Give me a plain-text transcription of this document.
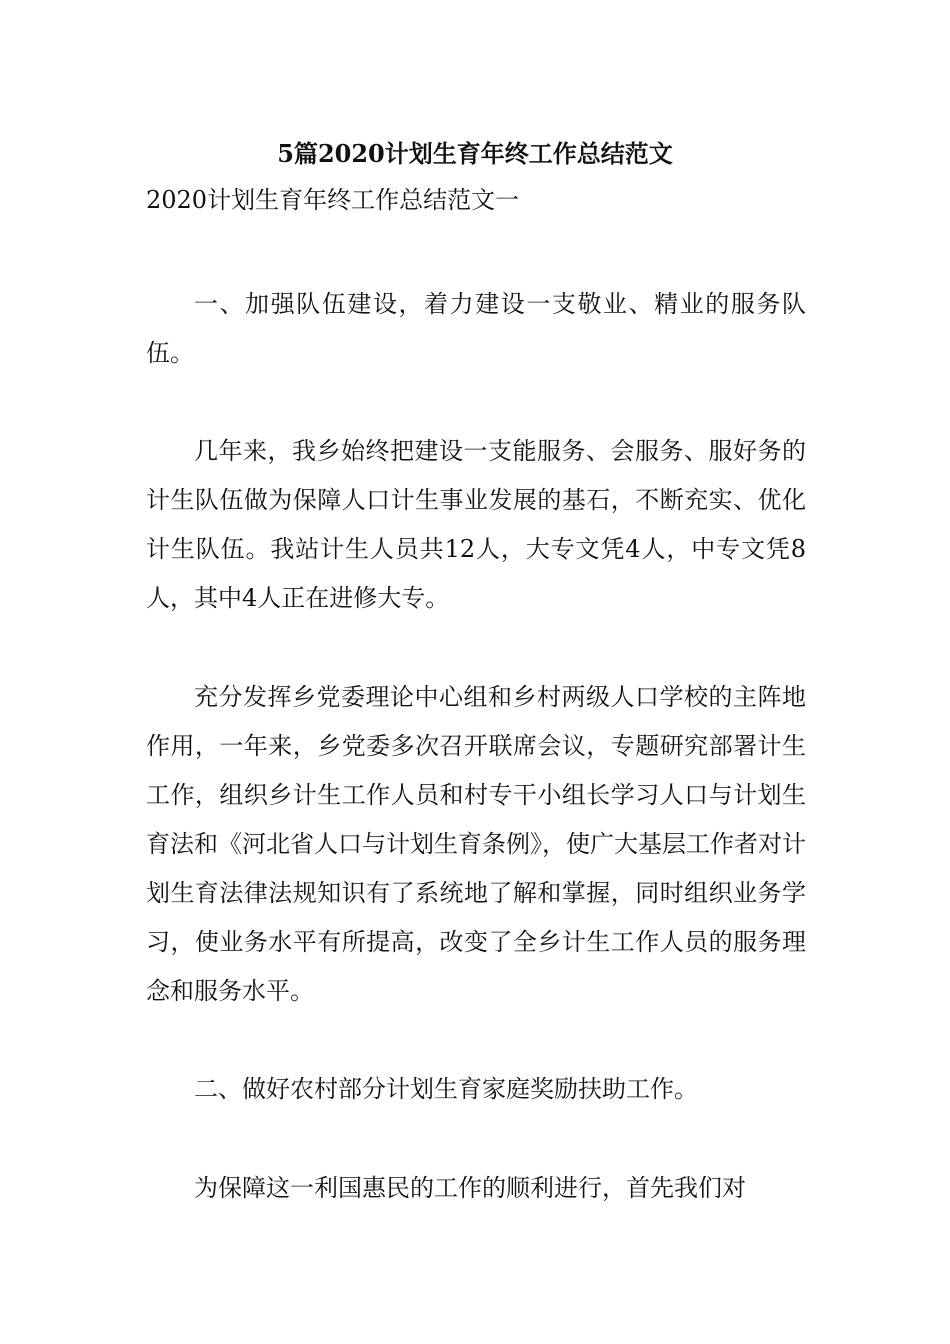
5篇2020计划生育年终工作总结范文

2020计划生育年终工作总结范文一

一、加强队伍建设，着力建设一支敬业、精业的服务队伍。

几年来，我乡始终把建设一支能服务、会服务、服好务的计生队伍做为保障人口计生事业发展的基石，不断充实、优化计生队伍。我站计生人员共12人，大专文凭4人，中专文凭8人，其中4人正在进修大专。

充分发挥乡党委理论中心组和乡村两级人口学校的主阵地作用，一年来，乡党委多次召开联席会议，专题研究部署计生工作，组织乡计生工作人员和村专干小组长学习人口与计划生育法和《河北省人口与计划生育条例》，使广大基层工作者对计划生育法律法规知识有了系统地了解和掌握，同时组织业务学习，使业务水平有所提高，改变了全乡计生工作人员的服务理念和服务水平。

二、做好农村部分计划生育家庭奖励扶助工作。

为保障这一利国惠民的工作的顺利进行，首先我们对
